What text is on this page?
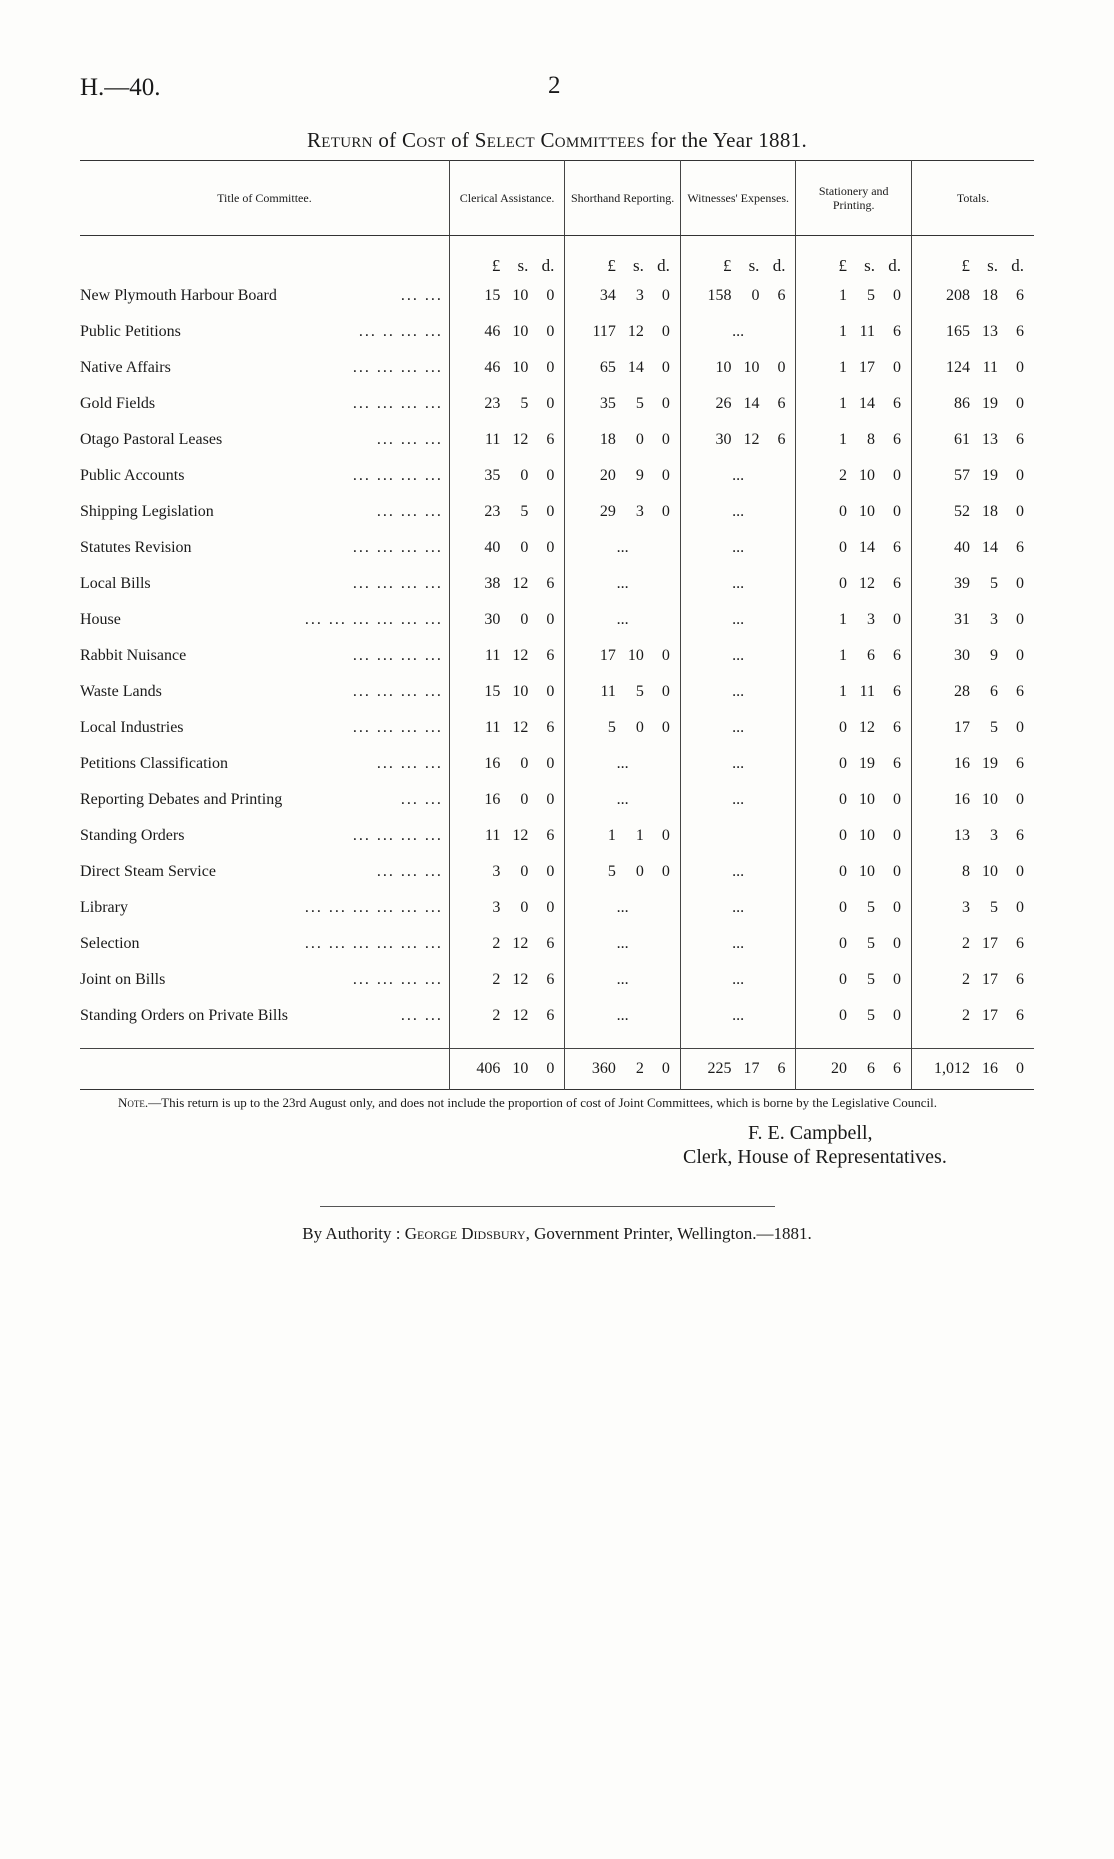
H.—40.	2
Return of Cost of Select Committees for the Year 1881.
Title of Committee.	Clerical Assistance.	Shorthand Reporting.	Witnesses' Expenses.	Stationery and Printing.	Totals.

	£ s. d.	£ s. d.	£ s. d.	£ s. d.	£ s. d.

New Plymouth Harbour Board ... ...	15 10 0	34 3 0	158 0 6	1 5 0	208 18 6

Public Petitions ... .. ... ...	46 10 0	117 12 0	...	1 11 6	165 13 6

Native Affairs ... ... ... ...	46 10 0	65 14 0	10 10 0	1 17 0	124 11 0

Gold Fields ... ... ... ...	23 5 0	35 5 0	26 14 6	1 14 6	86 19 0

Otago Pastoral Leases ... ... ...	11 12 6	18 0 0	30 12 6	1 8 6	61 13 6

Public Accounts ... ... ... ...	35 0 0	20 9 0	...	2 10 0	57 19 0

Shipping Legislation ... ... ...	23 5 0	29 3 0	...	0 10 0	52 18 0

Statutes Revision ... ... ... ...	40 0 0	...	...	0 14 6	40 14 6

Local Bills ... ... ... ...	38 12 6	...	...	0 12 6	39 5 0

House ... ... ... ... ... ...	30 0 0	...	...	1 3 0	31 3 0

Rabbit Nuisance ... ... ... ...	11 12 6	17 10 0	...	1 6 6	30 9 0

Waste Lands ... ... ... ...	15 10 0	11 5 0	...	1 11 6	28 6 6

Local Industries ... ... ... ...	11 12 6	5 0 0	...	0 12 6	17 5 0

Petitions Classification ... ... ...	16 0 0	...	...	0 19 6	16 19 6

Reporting Debates and Printing ... ...	16 0 0	...	...	0 10 0	16 10 0

Standing Orders ... ... ... ...	11 12 6	1 1 0		0 10 0	13 3 6

Direct Steam Service ... ... ...	3 0 0	5 0 0	...	0 10 0	8 10 0

Library ... ... ... ... ... ...	3 0 0	...	...	0 5 0	3 5 0

Selection ... ... ... ... ... ...	2 12 6	...	...	0 5 0	2 17 6

Joint on Bills ... ... ... ...	2 12 6	...	...	0 5 0	2 17 6

Standing Orders on Private Bills ... ...	2 12 6	...	...	0 5 0	2 17 6

	406 10 0	360 2 0	225 17 6	20 6 6	1,012 16 0
Note.—This return is up to the 23rd August only, and does not include the proportion of cost of Joint Committees, which is borne by the Legislative Council.
F. E. Campbell,
Clerk, House of Representatives.
By Authority : George Didsbury, Government Printer, Wellington.—1881.
